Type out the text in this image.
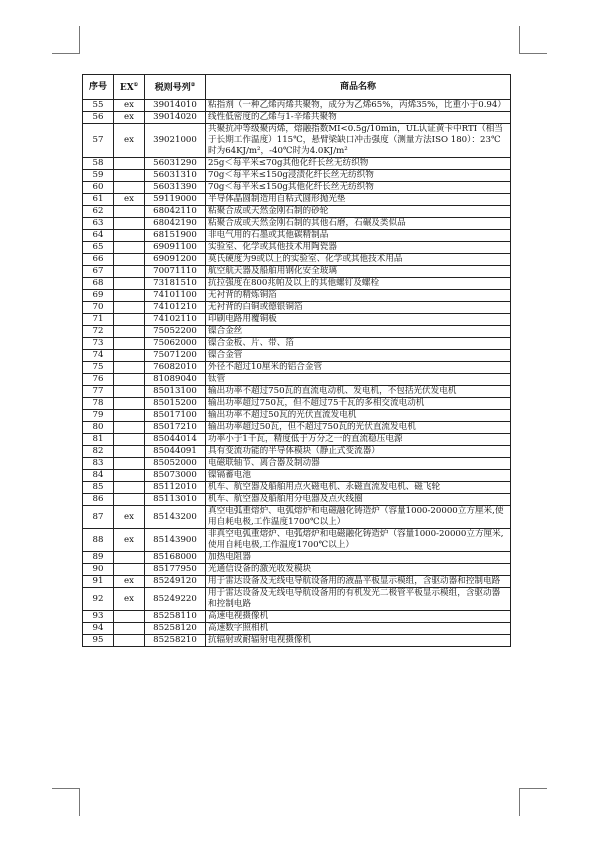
序号	EX①	税则号列②	商品名称
55	ex	39014010	粘指剂（一种乙烯丙烯共聚物，成分为乙烯65%，丙烯35%，比重小于0.94）
56	ex	39014020	线性低密度的乙烯与1-辛烯共聚物
57	ex	39021000	共聚抗冲等级聚丙烯，熔融指数MI<0.5g/10min，UL认证黄卡中RTI（相当于长期工作温度）115℃，悬臂梁缺口冲击强度（测量方法ISO 180）：23℃时为64KJ/m²，-40℃时为4.0KJ/m²
58		56031290	25g＜每平米≤70g其他化纤长丝无纺织物
59		56031310	70g＜每平米≤150g浸渍化纤长丝无纺织物
60		56031390	70g＜每平米≤150g其他化纤长丝无纺织物
61	ex	59119000	半导体晶圆制造用自粘式圆形抛光垫
62		68042110	粘聚合成或天然金刚石制的砂轮
63		68042190	粘聚合成或天然金刚石制的其他石磨，石碾及类似品
64		68151900	非电气用的石墨或其他碳精制品
65		69091100	实验室、化学或其他技术用陶瓷器
66		69091200	莫氏硬度为9或以上的实验室、化学或其他技术用品
67		70071110	航空航天器及船舶用钢化安全玻璃
68		73181510	抗拉强度在800兆帕及以上的其他螺钉及螺栓
69		74101100	无衬背的精炼铜箔
70		74101210	无衬背的白铜或德银铜箔
71		74102110	印刷电路用覆铜板
72		75052200	镍合金丝
73		75062000	镍合金板、片、带、箔
74		75071200	镍合金管
75		76082010	外径不超过10厘米的铝合金管
76		81089040	钛管
77		85013100	输出功率不超过750瓦的直流电动机、发电机，不包括光伏发电机
78		85015200	输出功率超过750瓦，但不超过75千瓦的多相交流电动机
79		85017100	输出功率不超过50瓦的光伏直流发电机
80		85017210	输出功率超过50瓦，但不超过750瓦的光伏直流发电机
81		85044014	功率小于1千瓦，精度低于万分之一的直流稳压电源
82		85044091	具有变流功能的半导体模块（静止式变流器）
83		85052000	电磁联轴节、离合器及制动器
84		85073000	镍镉蓄电池
85		85112010	机车、航空器及船舶用点火磁电机、永磁直流发电机、磁飞轮
86		85113010	机车、航空器及船舶用分电器及点火线圈
87	ex	85143200	真空电弧重熔炉、电弧熔炉和电磁融化铸造炉（容量1000-20000立方厘米,使用自耗电极,工作温度1700℃以上）
88	ex	85143900	非真空电弧重熔炉、电弧熔炉和电磁融化铸造炉（容量1000-20000立方厘米,使用自耗电极,工作温度1700℃以上）
89		85168000	加热电阻器
90		85177950	光通信设备的激光收发模块
91	ex	85249120	用于雷达设备及无线电导航设备用的液晶平板显示模组，含驱动器和控制电路
92	ex	85249220	用于雷达设备及无线电导航设备用的有机发光二极管平板显示模组，含驱动器和控制电路
93		85258110	高速电视摄像机
94		85258120	高速数字照相机
95		85258210	抗辐射或耐辐射电视摄像机
